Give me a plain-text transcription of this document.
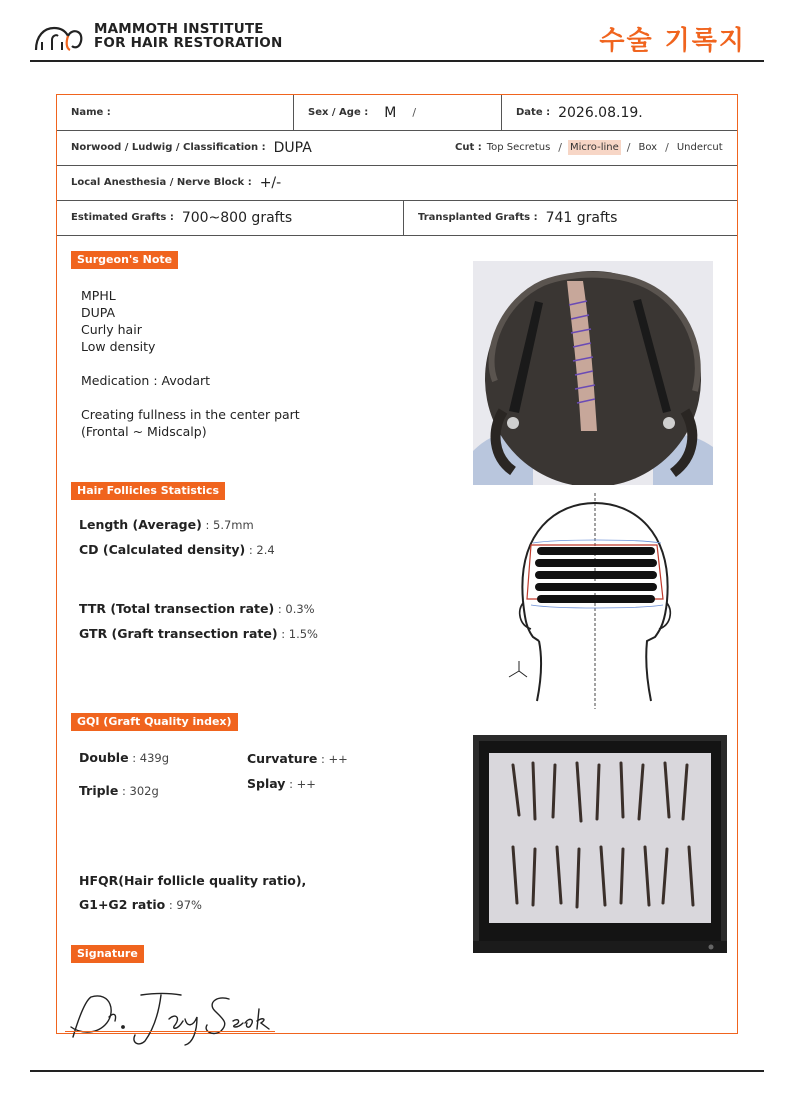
MAMMOTH INSTITUTE
FOR HAIR RESTORATION	수술 기록지
Name :	Sex / Age : M /	Date : 2026.08.19.
Norwood / Ludwig / Classification : DUPA	Cut : Top Secretus / Micro-line / Box / Undercut
Local Anesthesia / Nerve Block : +/-
Estimated Grafts : 700~800 grafts	Transplanted Grafts : 741 grafts
Surgeon's Note
MPHL
DUPA
Curly hair
Low density
Medication : Avodart
Creating fullness in the center part
(Frontal ~ Midscalp)
Hair Follicles Statistics
Length (Average) : 5.7mm
CD (Calculated density) : 2.4
TTR (Total transection rate) : 0.3%
GTR (Graft transection rate) : 1.5%
GQI (Graft Quality index)
Double : 439g
Triple : 302g
Curvature : ++
Splay : ++
HFQR(Hair follicle quality ratio),
G1+G2 ratio : 97%
Signature
